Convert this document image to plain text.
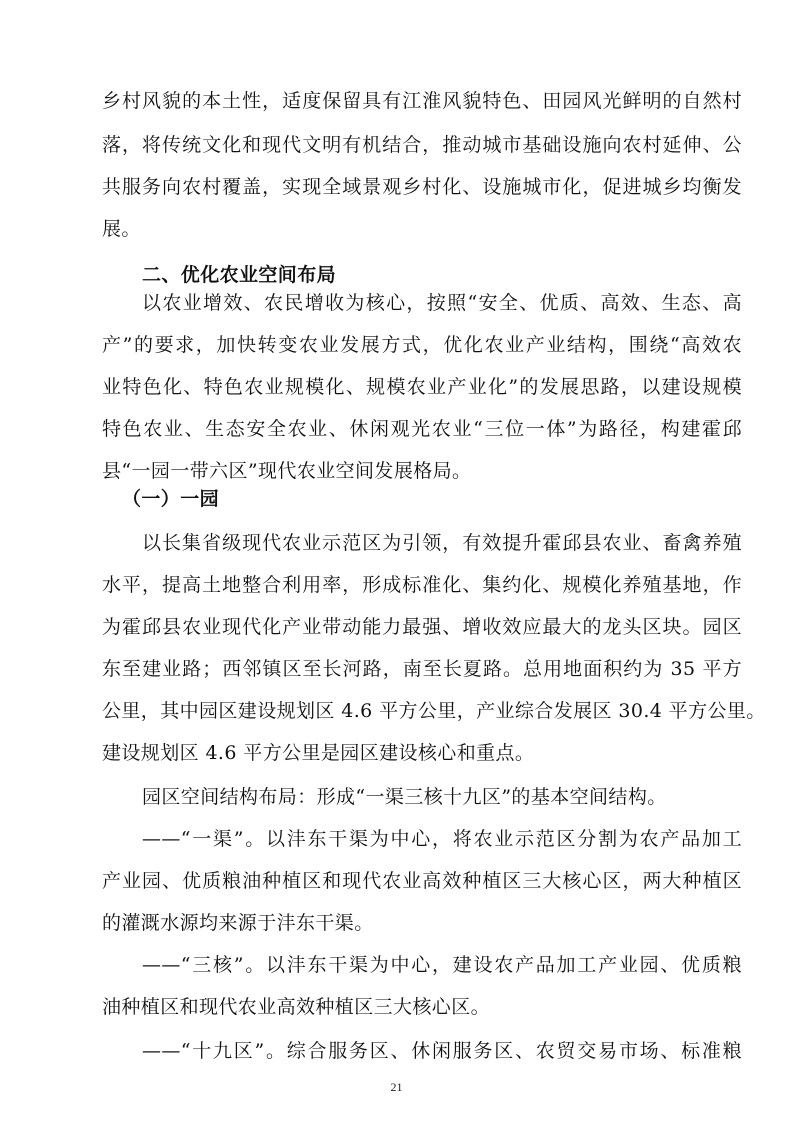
乡村风貌的本土性，适度保留具有江淮风貌特色、田园风光鲜明的自然村
落，将传统文化和现代文明有机结合，推动城市基础设施向农村延伸、公
共服务向农村覆盖，实现全域景观乡村化、设施城市化，促进城乡均衡发
展。
二、优化农业空间布局
以农业增效、农民增收为核心，按照“安全、优质、高效、生态、高
产”的要求，加快转变农业发展方式，优化农业产业结构，围绕“高效农
业特色化、特色农业规模化、规模农业产业化”的发展思路，以建设规模
特色农业、生态安全农业、休闲观光农业“三位一体”为路径，构建霍邱
县“一园一带六区”现代农业空间发展格局。
（一）一园
以长集省级现代农业示范区为引领，有效提升霍邱县农业、畜禽养殖
水平，提高土地整合利用率，形成标准化、集约化、规模化养殖基地，作
为霍邱县农业现代化产业带动能力最强、增收效应最大的龙头区块。园区
东至建业路；西邻镇区至长河路，南至长夏路。总用地面积约为 35 平方
公里，其中园区建设规划区 4.6 平方公里，产业综合发展区 30.4 平方公里。
建设规划区 4.6 平方公里是园区建设核心和重点。
园区空间结构布局：形成“一渠三核十九区”的基本空间结构。
——“一渠”。以沣东干渠为中心，将农业示范区分割为农产品加工
产业园、优质粮油种植区和现代农业高效种植区三大核心区，两大种植区
的灌溉水源均来源于沣东干渠。
——“三核”。以沣东干渠为中心，建设农产品加工产业园、优质粮
油种植区和现代农业高效种植区三大核心区。
——“十九区”。综合服务区、休闲服务区、农贸交易市场、标准粮
21
